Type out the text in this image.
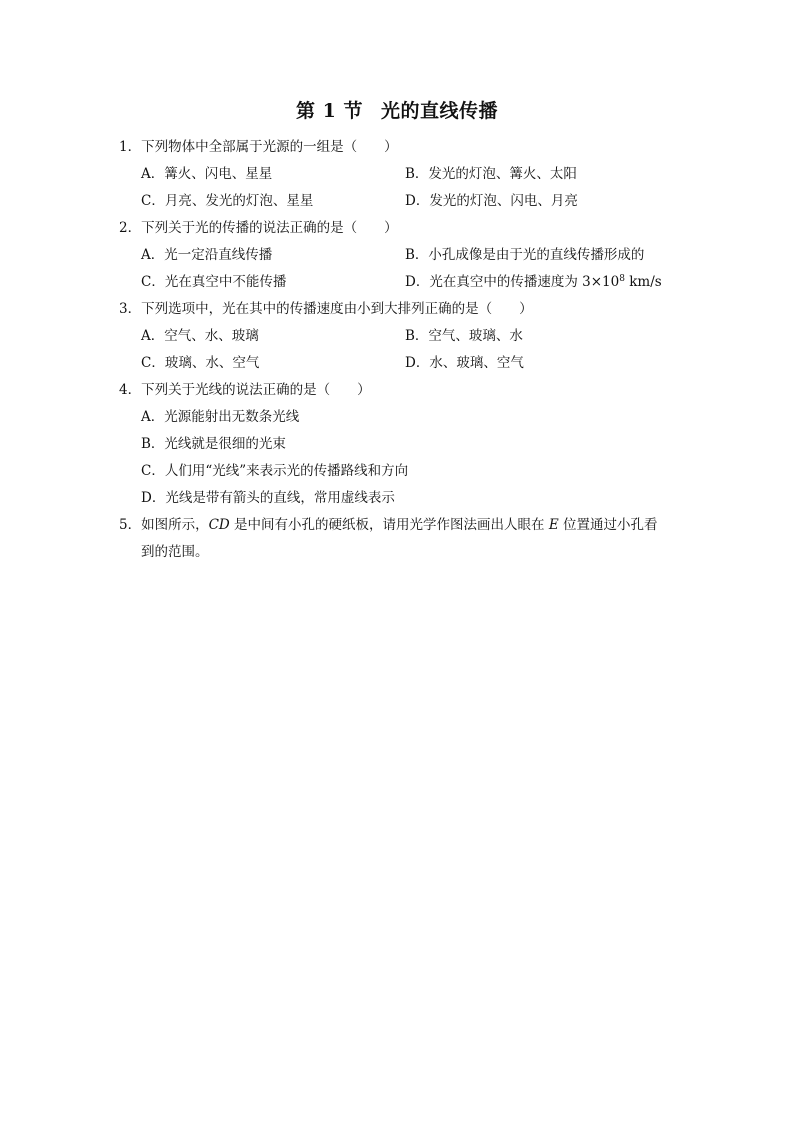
第 1 节 光的直线传播
1．下列物体中全部属于光源的一组是（　　）
A．篝火、闪电、星星	B．发光的灯泡、篝火、太阳
C．月亮、发光的灯泡、星星	D．发光的灯泡、闪电、月亮
2．下列关于光的传播的说法正确的是（　　）
A．光一定沿直线传播	B．小孔成像是由于光的直线传播形成的
C．光在真空中不能传播	D．光在真空中的传播速度为 $3\times 10^8$ km/s
3．下列选项中，光在其中的传播速度由小到大排列正确的是（　　）
A．空气、水、玻璃	B．空气、玻璃、水
C．玻璃、水、空气	D．水、玻璃、空气
4．下列关于光线的说法正确的是（　　）
A．光源能射出无数条光线
B．光线就是很细的光束
C．人们用“光线”来表示光的传播路线和方向
D．光线是带有箭头的直线，常用虚线表示
5．如图所示，CD 是中间有小孔的硬纸板，请用光学作图法画出人眼在 E 位置通过小孔看
到的范围。
